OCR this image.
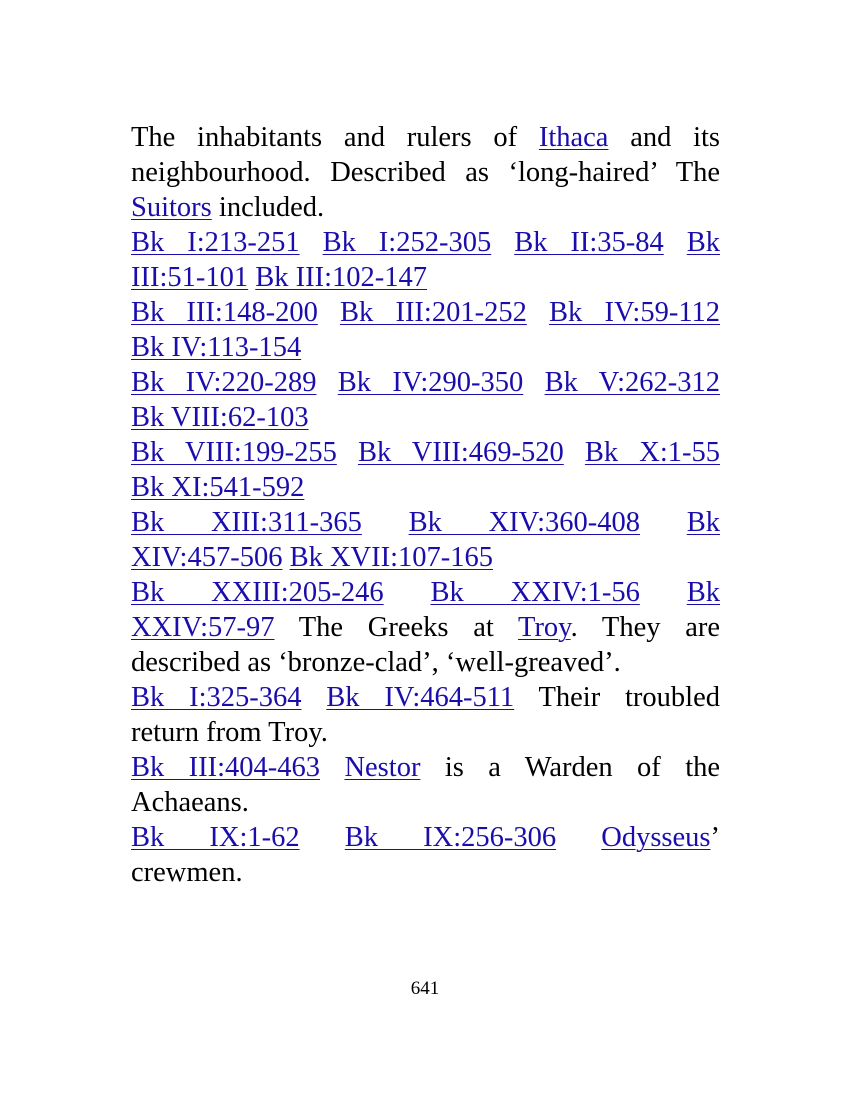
The inhabitants and rulers of Ithaca and its
neighbourhood. Described as ‘long-haired’ The
Suitors included.
Bk I:213-251 Bk I:252-305 Bk II:35-84 Bk
III:51-101 Bk III:102-147
Bk III:148-200 Bk III:201-252 Bk IV:59-112
Bk IV:113-154
Bk IV:220-289 Bk IV:290-350 Bk V:262-312
Bk VIII:62-103
Bk VIII:199-255 Bk VIII:469-520 Bk X:1-55
Bk XI:541-592
Bk XIII:311-365 Bk XIV:360-408 Bk
XIV:457-506 Bk XVII:107-165
Bk XXIII:205-246 Bk XXIV:1-56 Bk
XXIV:57-97 The Greeks at Troy. They are
described as ‘bronze-clad’, ‘well-greaved’.
Bk I:325-364 Bk IV:464-511 Their troubled
return from Troy.
Bk III:404-463 Nestor is a Warden of the
Achaeans.
Bk IX:1-62 Bk IX:256-306 Odysseus’
crewmen.
641
